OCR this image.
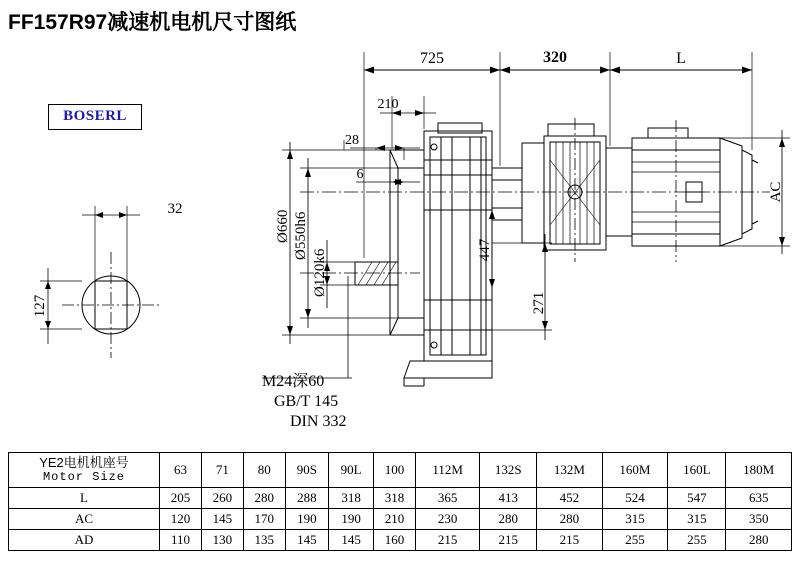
FF157R97减速机电机尺寸图纸
BOSERL
725	320	L
210
28
6
32
127
Ø660 Ø550h6
Ø120k6	447
271
AC
M24深60
GB/T 145
DIN 332
YE2电机机座号
Motor Size	63	71	80	90S	90L	100	112M	132S	132M	160M	160L	180M
L	205	260	280	288	318	318	365	413	452	524	547	635
AC	120	145	170	190	190	210	230	280	280	315	315	350
AD	110	130	135	145	145	160	215	215	215	255	255	280
